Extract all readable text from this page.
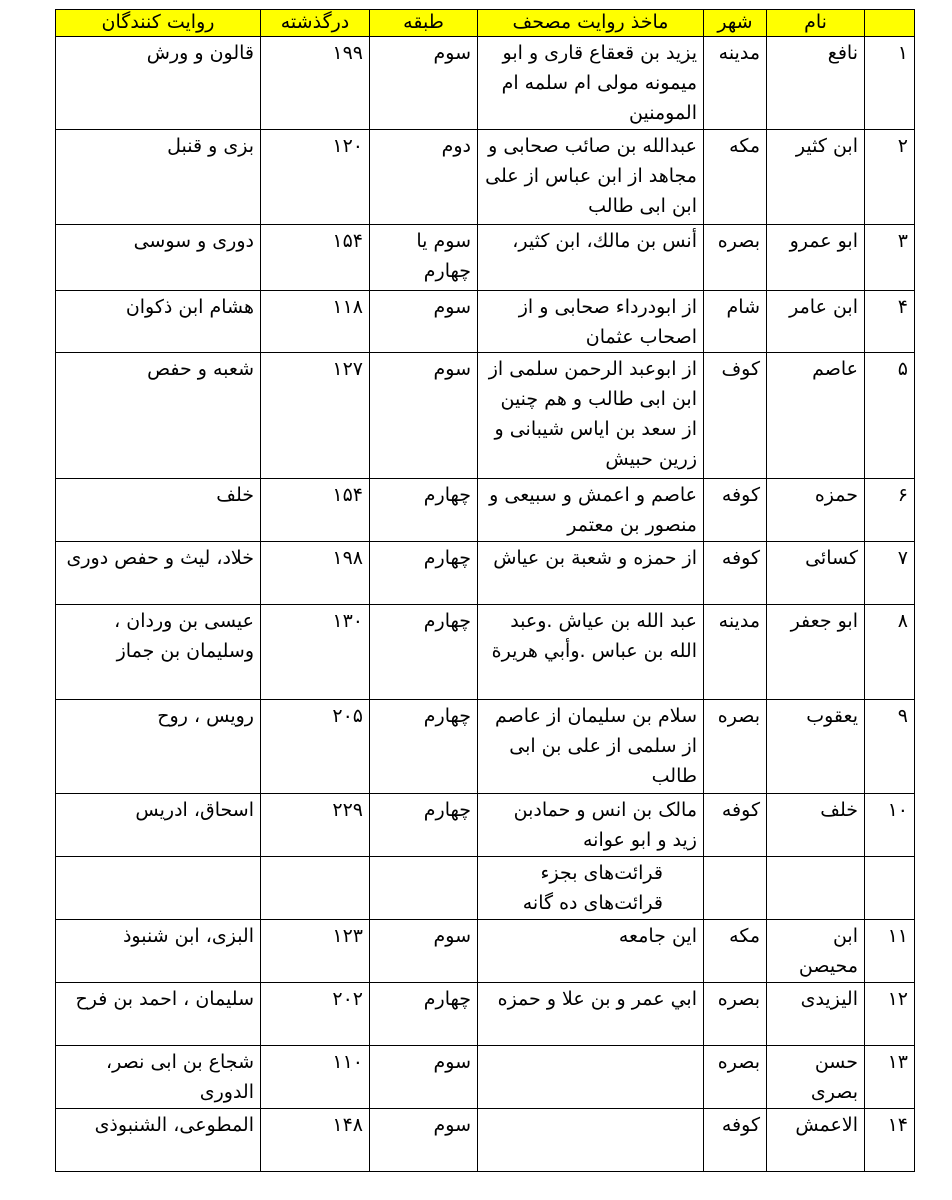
	نام	شهر	ماخذ روایت مصحف	طبقه	درگذشته	روایت کنندگان
۱	نافع	مدینه	یزید بن قعقاع قاری و ابو میمونه مولی ام سلمه ام المومنین	سوم	۱۹۹	قالون و ورش
۲	ابن کثیر	مکه	عبدالله بن صائب صحابی و مجاهد از ابن عباس از علی ابن ابی طالب	دوم	۱۲۰	بزی و قنبل
۳	ابو عمرو	بصره	أنس بن مالك، ابن كثير،	سوم یا چهارم	۱۵۴	دوری و سوسی
۴	ابن عامر	شام	از ابودرداء صحابی و از اصحاب عثمان	سوم	۱۱۸	هشام ابن ذکوان
۵	عاصم	کوف	از ابوعبد الرحمن سلمی از ابن ابی طالب و هم چنین از سعد بن ایاس شیبانی و زرین حبیش	سوم	۱۲۷	شعبه و حفص
۶	حمزه	کوفه	عاصم و اعمش و سبیعی و منصور بن معتمر	چهارم	۱۵۴	خلف
۷	کسائی	کوفه	از حمزه و شعبة بن عیاش	چهارم	۱۹۸	خلاد، لیث و حفص دوری
۸	ابو جعفر	مدینه	عبد الله بن عیاش .وعبد الله بن عباس .وأبي هريرة	چهارم	۱۳۰	عیسی بن وردان ، وسلیمان بن جماز
۹	یعقوب	بصره	سلام بن سلیمان از عاصم از سلمی از علی بن ابی طالب	چهارم	۲۰۵	رویس ، روح
۱۰	خلف	کوفه	مالک بن انس و حمادبن زید و ابو عوانه	چهارم	۲۲۹	اسحاق، ادریس
			قرائت‌های بجزء قرائت‌های ده گانه			
۱۱	ابن محیصن	مکه	این جامعه	سوم	۱۲۳	البزی، ابن شنبوذ
۱۲	الیزیدی	بصره	ابي عمر و بن علا و حمزه	چهارم	۲۰۲	سلیمان ، احمد بن فرح
۱۳	حسن بصری	بصره		سوم	۱۱۰	شجاع بن ابی نصر، الدوری
۱۴	الاعمش	کوفه		سوم	۱۴۸	المطوعی، الشنبوذی
